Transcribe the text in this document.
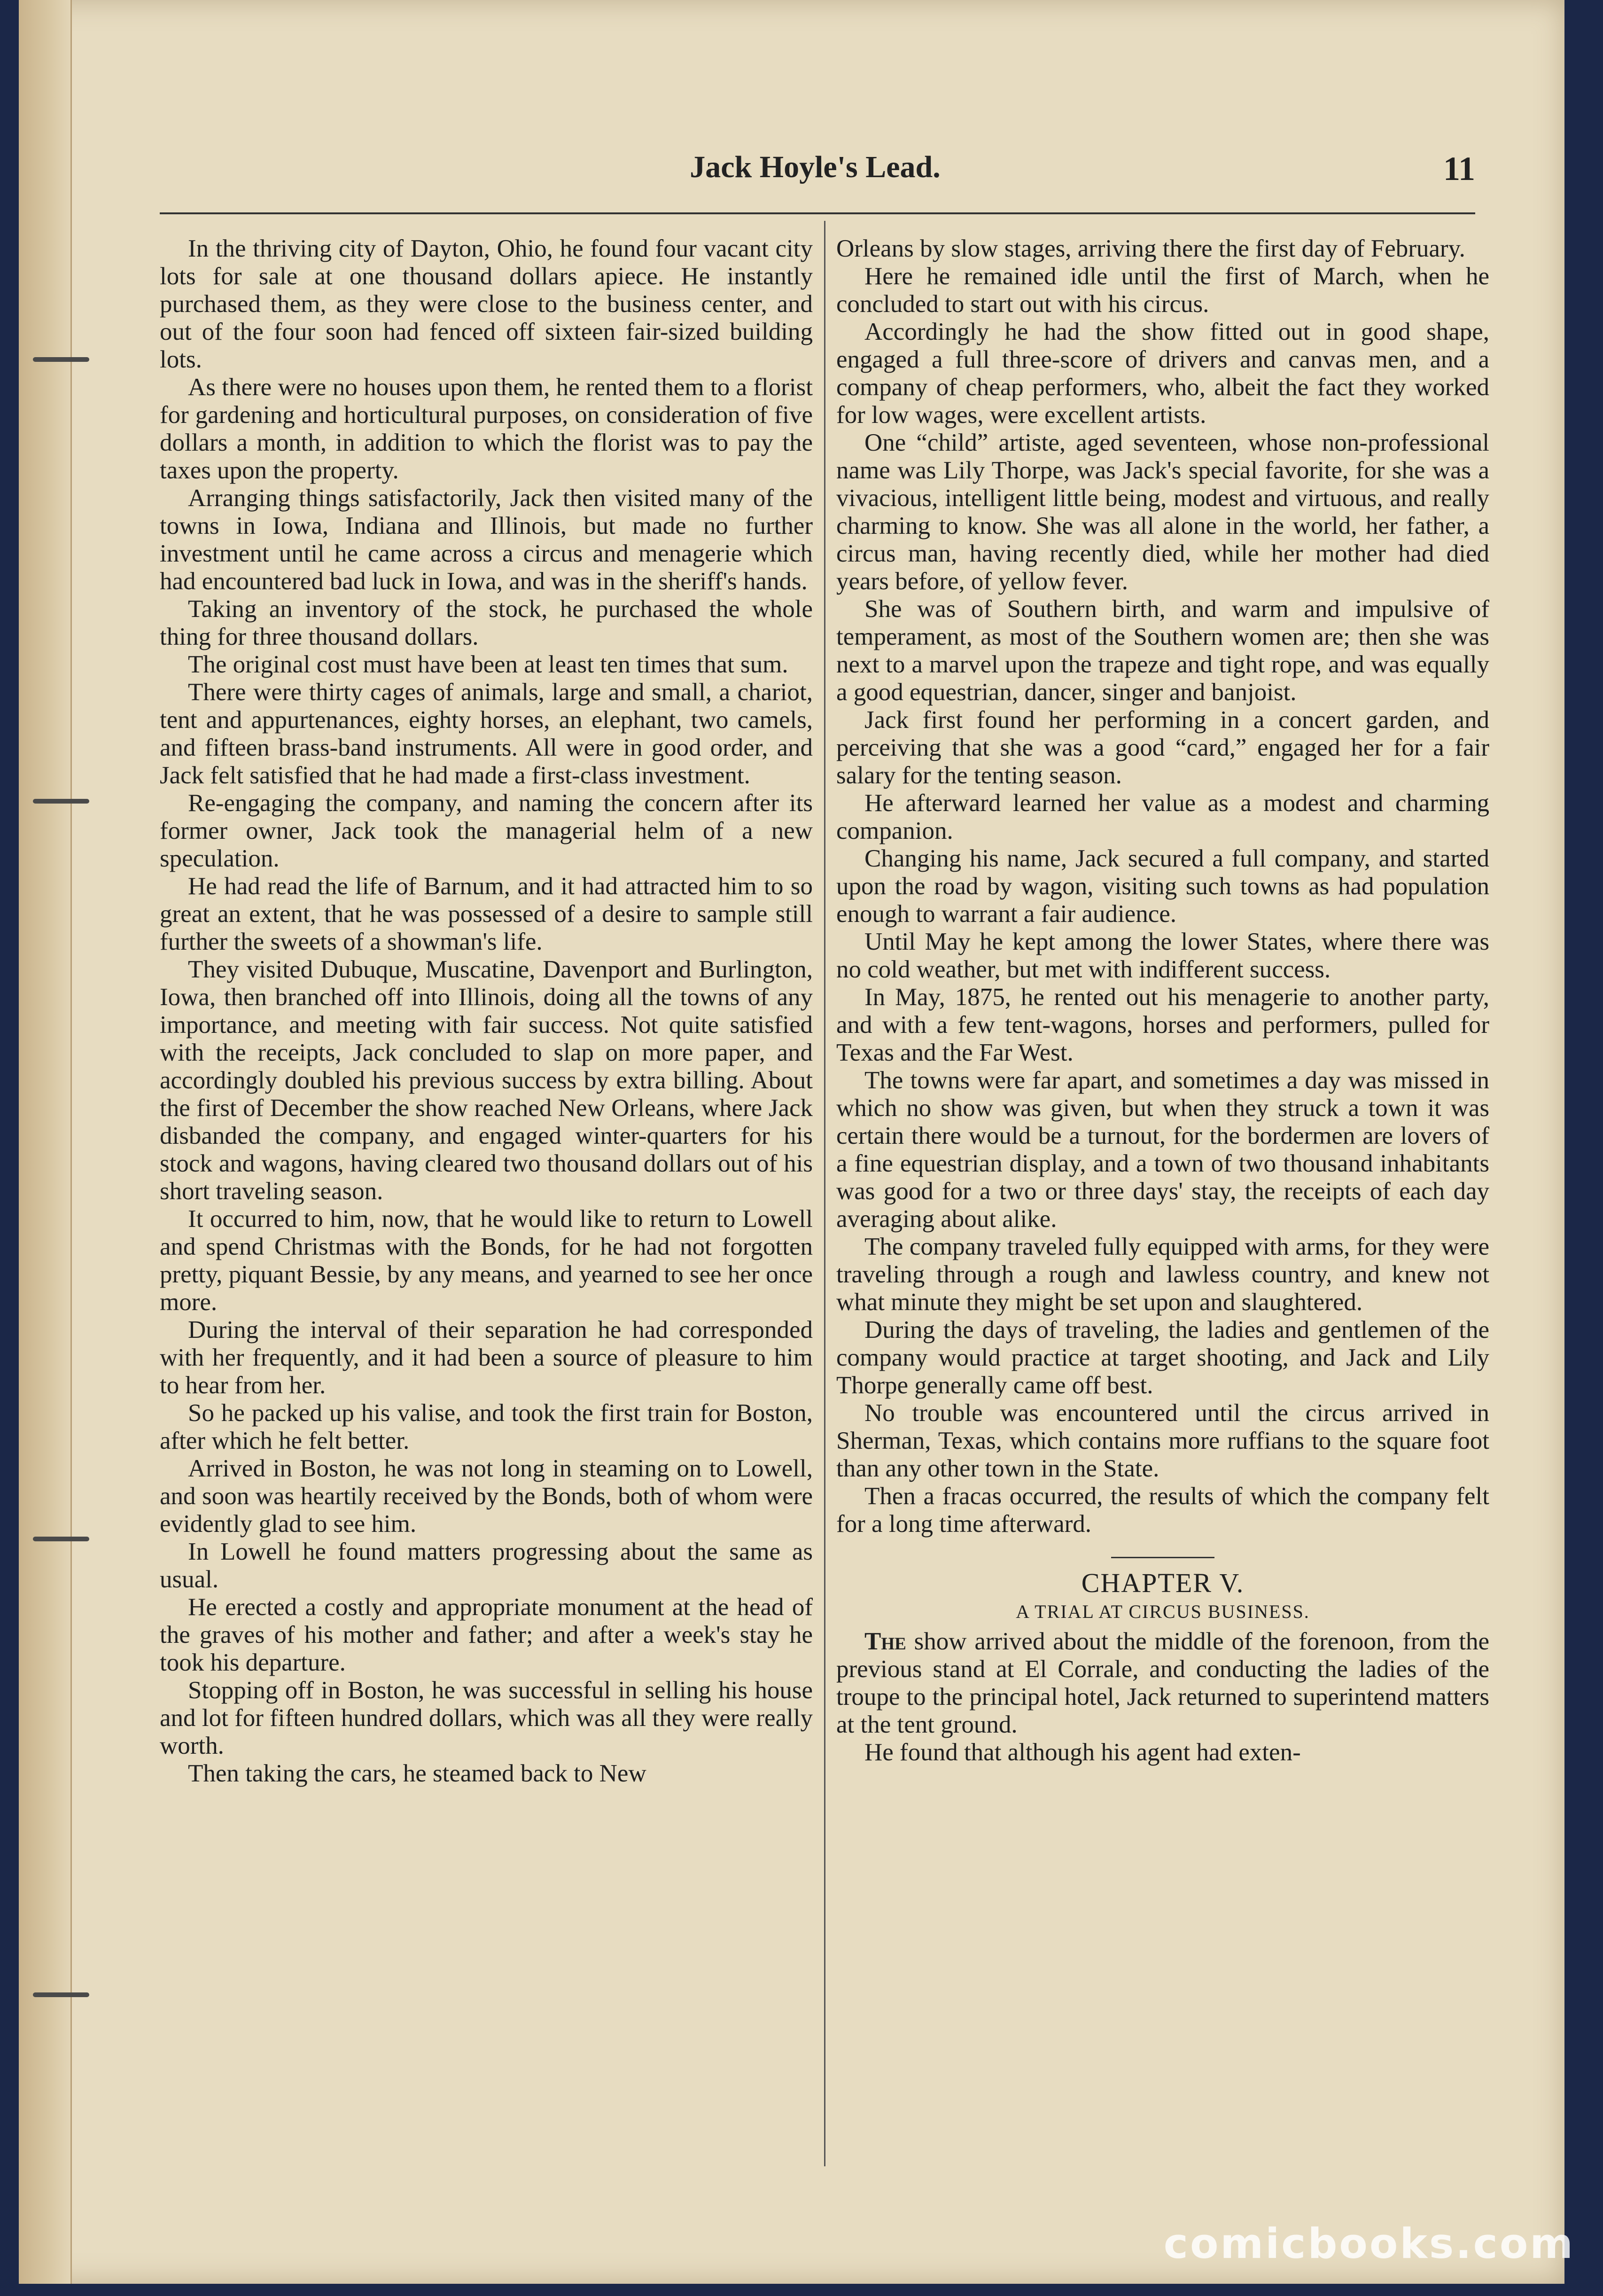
Jack Hoyle's Lead.	11

In the thriving city of Dayton, Ohio, he found four vacant city lots for sale at one thousand dollars apiece. He instantly purchased them, as they were close to the business center, and out of the four soon had fenced off sixteen fair-sized building lots.

As there were no houses upon them, he rented them to a florist for gardening and horticultural purposes, on consideration of five dollars a month, in addition to which the florist was to pay the taxes upon the property.

Arranging things satisfactorily, Jack then visited many of the towns in Iowa, Indiana and Illinois, but made no further investment until he came across a circus and menagerie which had encountered bad luck in Iowa, and was in the sheriff's hands.

Taking an inventory of the stock, he purchased the whole thing for three thousand dollars.

The original cost must have been at least ten times that sum.

There were thirty cages of animals, large and small, a chariot, tent and appurtenances, eighty horses, an elephant, two camels, and fifteen brass-band instruments. All were in good order, and Jack felt satisfied that he had made a first-class investment.

Re-engaging the company, and naming the concern after its former owner, Jack took the managerial helm of a new speculation.

He had read the life of Barnum, and it had attracted him to so great an extent, that he was possessed of a desire to sample still further the sweets of a showman's life.

They visited Dubuque, Muscatine, Davenport and Burlington, Iowa, then branched off into Illinois, doing all the towns of any importance, and meeting with fair success. Not quite satisfied with the receipts, Jack concluded to slap on more paper, and accordingly doubled his previous success by extra billing. About the first of December the show reached New Orleans, where Jack disbanded the company, and engaged winter-quarters for his stock and wagons, having cleared two thousand dollars out of his short traveling season.

It occurred to him, now, that he would like to return to Lowell and spend Christmas with the Bonds, for he had not forgotten pretty, piquant Bessie, by any means, and yearned to see her once more.

During the interval of their separation he had corresponded with her frequently, and it had been a source of pleasure to him to hear from her.

So he packed up his valise, and took the first train for Boston, after which he felt better.

Arrived in Boston, he was not long in steaming on to Lowell, and soon was heartily received by the Bonds, both of whom were evidently glad to see him.

In Lowell he found matters progressing about the same as usual.

He erected a costly and appropriate monument at the head of the graves of his mother and father; and after a week's stay he took his departure.

Stopping off in Boston, he was successful in selling his house and lot for fifteen hundred dollars, which was all they were really worth.

Then taking the cars, he steamed back to New

Orleans by slow stages, arriving there the first day of February.

Here he remained idle until the first of March, when he concluded to start out with his circus.

Accordingly he had the show fitted out in good shape, engaged a full three-score of drivers and canvas men, and a company of cheap performers, who, albeit the fact they worked for low wages, were excellent artists.

One “child” artiste, aged seventeen, whose non-professional name was Lily Thorpe, was Jack's special favorite, for she was a vivacious, intelligent little being, modest and virtuous, and really charming to know. She was all alone in the world, her father, a circus man, having recently died, while her mother had died years before, of yellow fever.

She was of Southern birth, and warm and impulsive of temperament, as most of the Southern women are; then she was next to a marvel upon the trapeze and tight rope, and was equally a good equestrian, dancer, singer and banjoist.

Jack first found her performing in a concert garden, and perceiving that she was a good “card,” engaged her for a fair salary for the tenting season.

He afterward learned her value as a modest and charming companion.

Changing his name, Jack secured a full company, and started upon the road by wagon, visiting such towns as had population enough to warrant a fair audience.

Until May he kept among the lower States, where there was no cold weather, but met with indifferent success.

In May, 1875, he rented out his menagerie to another party, and with a few tent-wagons, horses and performers, pulled for Texas and the Far West.

The towns were far apart, and sometimes a day was missed in which no show was given, but when they struck a town it was certain there would be a turnout, for the bordermen are lovers of a fine equestrian display, and a town of two thousand inhabitants was good for a two or three days' stay, the receipts of each day averaging about alike.

The company traveled fully equipped with arms, for they were traveling through a rough and lawless country, and knew not what minute they might be set upon and slaughtered.

During the days of traveling, the ladies and gentlemen of the company would practice at target shooting, and Jack and Lily Thorpe generally came off best.

No trouble was encountered until the circus arrived in Sherman, Texas, which contains more ruffians to the square foot than any other town in the State.

Then a fracas occurred, the results of which the company felt for a long time afterward.

CHAPTER V.
A TRIAL AT CIRCUS BUSINESS.

The show arrived about the middle of the forenoon, from the previous stand at El Corrale, and conducting the ladies of the troupe to the principal hotel, Jack returned to superintend matters at the tent ground.

He found that although his agent had exten-

comicbooks.com
